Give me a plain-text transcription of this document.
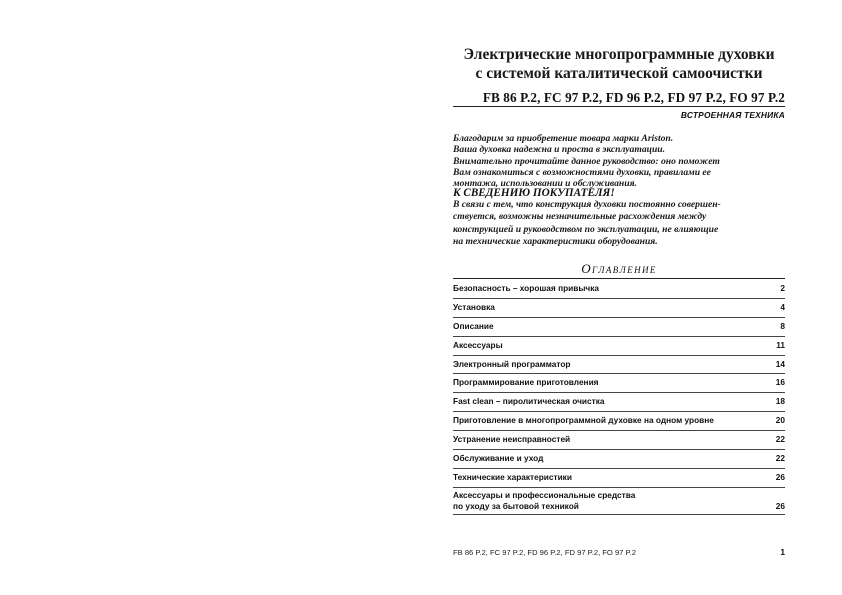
Электрические многопрограммные духовки
с системой каталитической самоочистки
FB 86 P.2, FC 97 P.2, FD 96 P.2, FD 97 P.2, FO 97 P.2
ВСТРОЕННАЯ ТЕХНИКА
Благодарим за приобретение товара марки Ariston.
Ваша духовка надежна и проста в эксплуатации.
Внимательно прочитайте данное руководство: оно поможет
Вам ознакомиться с возможностями духовки, правилами ее
монтажа, использовании и обслуживания.
К СВЕДЕНИЮ ПОКУПАТЕЛЯ!
В связи с тем, что конструкция духовки постоянно совершен-
ствуется, возможны незначительные расхождения между
конструкцией и руководством по эксплуатации, не влияющие
на технические характеристики оборудования.
Оглавление
Безопасность – хорошая привычка	2
Установка	4
Описание	8
Аксессуары	11
Электронный программатор	14
Программирование приготовления	16
Fast clean – пиролитическая очистка	18
Приготовление в многопрограммной духовке на одном уровне	20
Устранение неисправностей	22
Обслуживание и уход	22
Технические характеристики	26
Аксессуары и профессиональные средства
по уходу за бытовой техникой	26
FB 86 P.2, FC 97 P.2, FD 96 P.2, FD 97 P.2, FO 97 P.2	1
